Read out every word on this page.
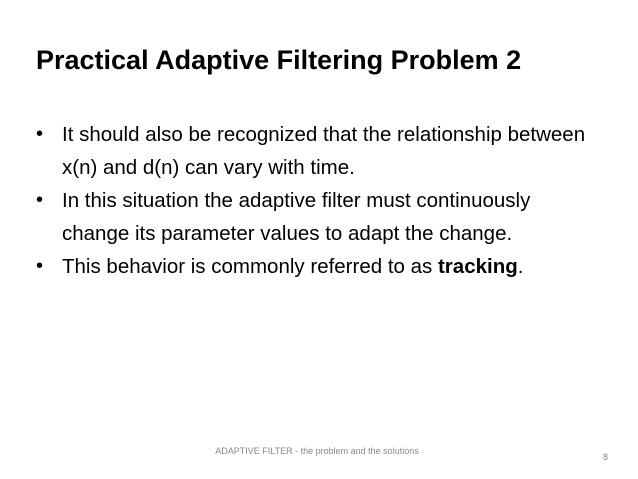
Practical Adaptive Filtering Problem 2
• It should also be recognized that the relationship between x(n) and d(n) can vary with time.
• In this situation the adaptive filter must continuously change its parameter values to adapt the change.
• This behavior is commonly referred to as tracking.
ADAPTIVE FILTER - the problem and the solutions
8
